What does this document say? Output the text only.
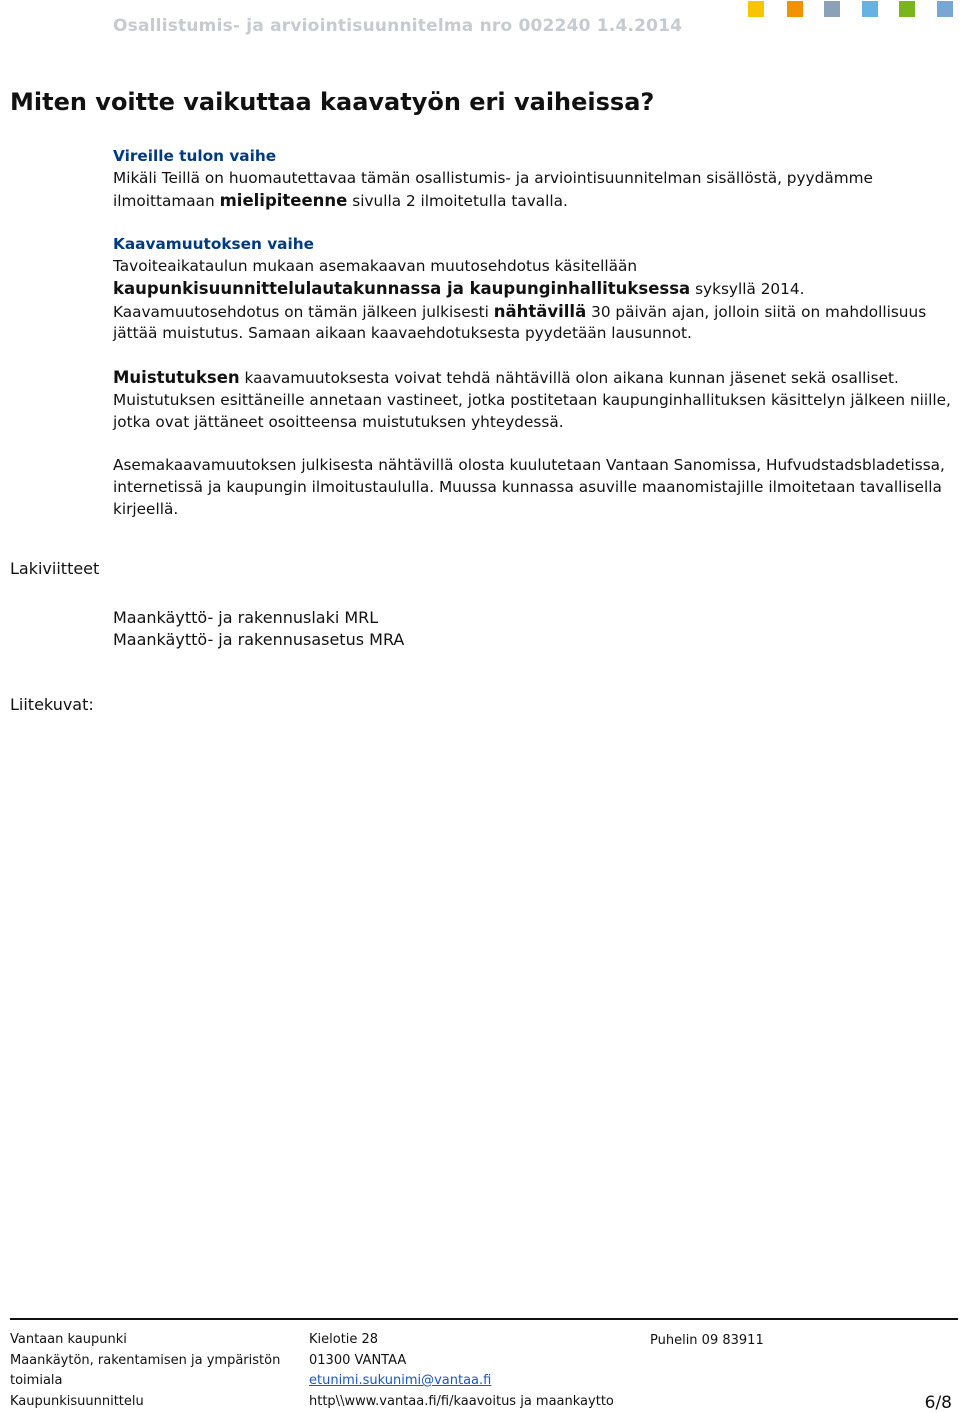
Osallistumis- ja arviointisuunnitelma nro 002240 1.4.2014
Miten voitte vaikuttaa kaavatyön eri vaiheissa?

Vireille tulon vaihe

Mikäli Teillä on huomautettavaa tämän osallistumis- ja arviointisuunnitelman sisällöstä, pyydämme ilmoittamaan mielipiteenne sivulla 2 ilmoitetulla tavalla.

Kaavamuutoksen vaihe

Tavoiteaikataulun mukaan asemakaavan muutosehdotus käsitellään

kaupunkisuunnittelulautakunnassa ja kaupunginhallituksessa syksyllä 2014.

Kaavamuutosehdotus on tämän jälkeen julkisesti nähtävillä 30 päivän ajan, jolloin siitä on mahdollisuus jättää muistutus. Samaan aikaan kaavaehdotuksesta pyydetään lausunnot.

Muistutuksen kaavamuutoksesta voivat tehdä nähtävillä olon aikana kunnan jäsenet sekä osalliset.

Muistutuksen esittäneille annetaan vastineet, jotka postitetaan kaupunginhallituksen käsittelyn jälkeen niille, jotka ovat jättäneet osoitteensa muistutuksen yhteydessä.

Asemakaavamuutoksen julkisesta nähtävillä olosta kuulutetaan Vantaan Sanomissa, Hufvudstadsbladetissa, internetissä ja kaupungin ilmoitustaululla. Muussa kunnassa asuville maanomistajille ilmoitetaan tavallisella kirjeellä.

Lakiviitteet
Maankäyttö- ja rakennuslaki MRL
Maankäyttö- ja rakennusasetus MRA
Liitekuvat:
Vantaan kaupunki
Maankäytön, rakentamisen ja ympäristön
toimiala
Kaupunkisuunnittelu
Kielotie 28
01300 VANTAA
etunimi.sukunimi@vantaa.fi
http\\www.vantaa.fi/fi/kaavoitus ja maankaytto
Puhelin 09 83911
6/8
